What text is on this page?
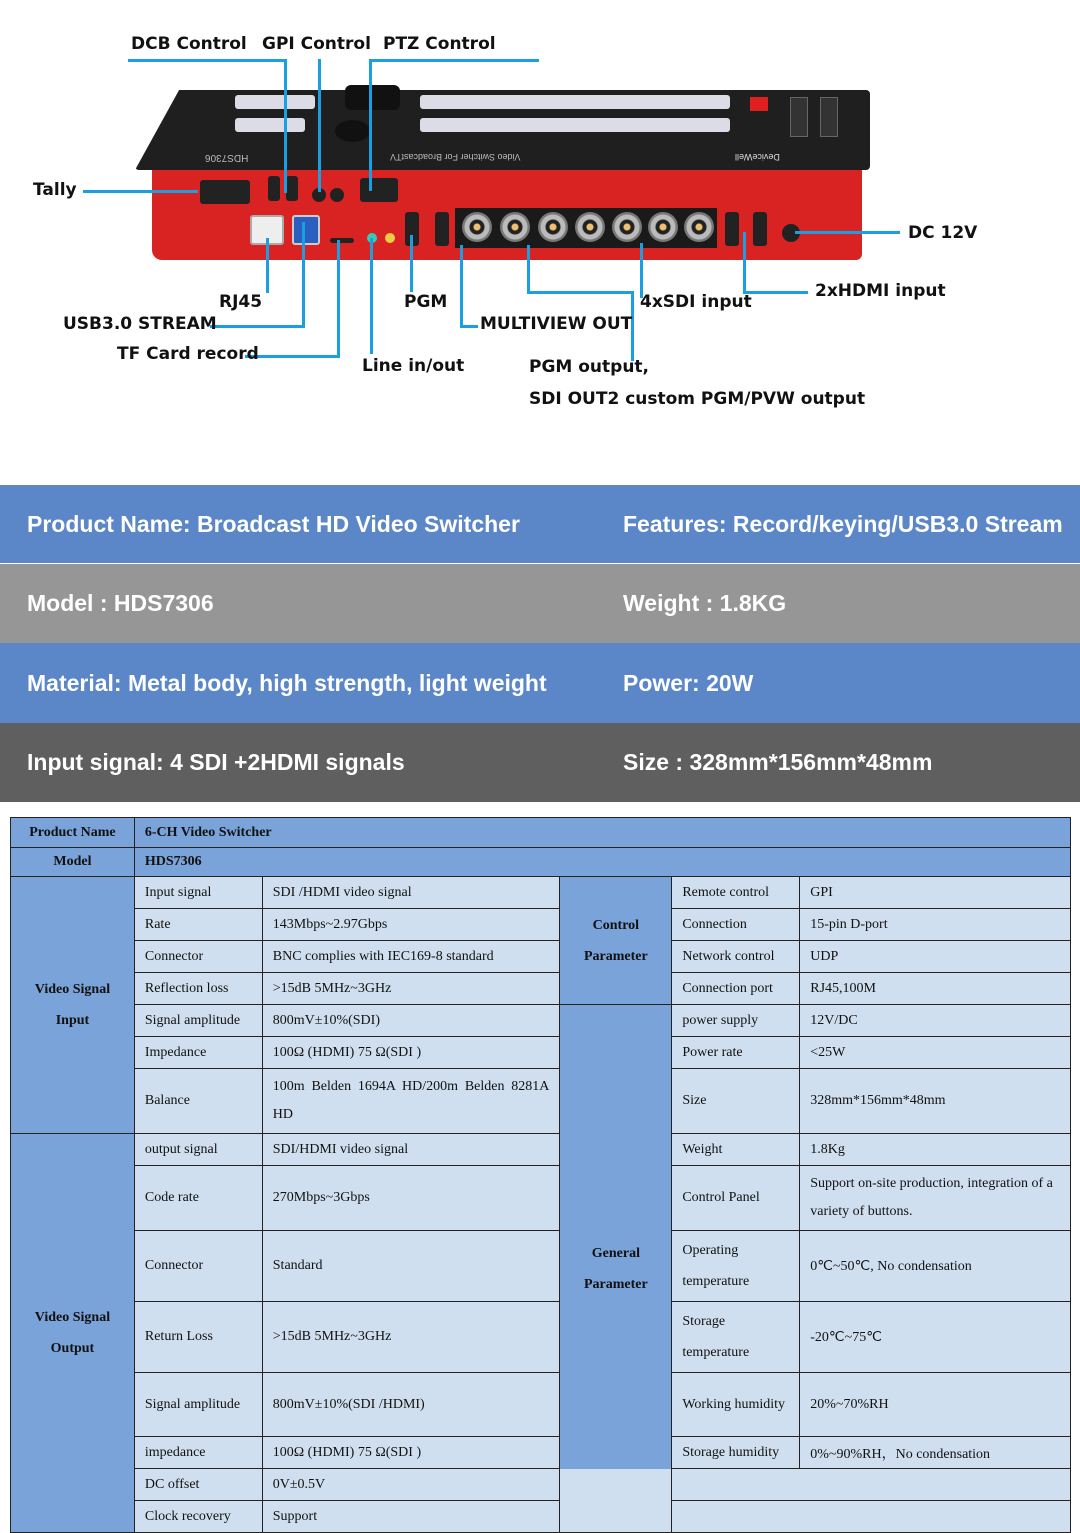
HDS7306	Video Switcher For BroadcastTV	DeviceWell
DCB Control GPI Control PTZ Control
Tally
DC 12V
RJ45	PGM	4xSDI input
2xHDMI input
USB3.0 STREAM	MULTIVIEW OUT
TF Card record
Line in/out	PGM output,
SDI OUT2 custom PGM/PVW output
Product Name: Broadcast HD Video Switcher	Features: Record/keying/USB3.0 Stream
Model : HDS7306	Weight : 1.8KG
Material: Metal body, high strength, light weight	Power: 20W
Input signal: 4 SDI +2HDMI signals	Size : 328mm*156mm*48mm
Product Name	6-CH Video Switcher				
Model	HDS7306				
Video Signal Input	Input signal	SDI /HDMI video signal	Control Parameter	Remote control	GPI
	Rate	143Mbps~2.97Gbps		Connection	15-pin D-port
	Connector	BNC complies with IEC169-8 standard		Network control	UDP
	Reflection loss	>15dB 5MHz~3GHz		Connection port	RJ45,100M
	Signal amplitude	800mV±10%(SDI)	General Parameter	power supply	12V/DC
	Impedance	100Ω (HDMI) 75 Ω(SDI )		Power rate	<25W
	Balance	100m Belden 1694A HD/200m Belden 8281A HD		Size	328mm*156mm*48mm
Video Signal Output	output signal	SDI/HDMI video signal		Weight	1.8Kg
	Code rate	270Mbps~3Gbps		Control Panel	Support on-site production, integration of a variety of buttons.
	Connector	Standard		Operating temperature	0℃~50℃, No condensation
	Return Loss	>15dB 5MHz~3GHz		Storage temperature	-20℃~75℃
	Signal amplitude	800mV±10%(SDI /HDMI)		Working humidity	20%~70%RH
	impedance	100Ω (HDMI) 75 Ω(SDI )		Storage humidity	0%~90%RH，No condensation
	DC offset	0V±0.5V			
	Clock recovery	Support			
